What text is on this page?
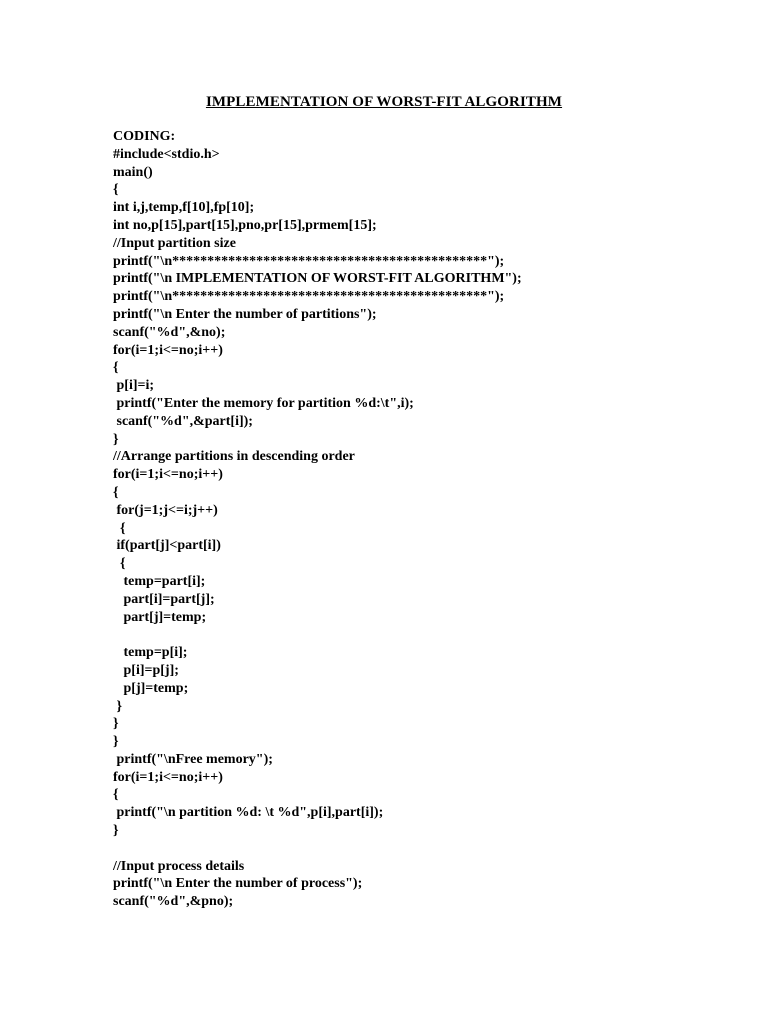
IMPLEMENTATION OF WORST-FIT ALGORITHM
CODING:
#include<stdio.h>
main()
{
int i,j,temp,f[10],fp[10];
int no,p[15],part[15],pno,pr[15],prmem[15];
//Input partition size
printf("\n*********************************************");
printf("\n IMPLEMENTATION OF WORST-FIT ALGORITHM");
printf("\n*********************************************");
printf("\n Enter the number of partitions");
scanf("%d",&no);
for(i=1;i<=no;i++)
{
p[i]=i;
printf("Enter the memory for partition %d:\t",i);
scanf("%d",&part[i]);
}
//Arrange partitions in descending order
for(i=1;i<=no;i++)
{
for(j=1;j<=i;j++)
{
if(part[j]<part[i])
{
temp=part[i];
part[i]=part[j];
part[j]=temp;

temp=p[i];
p[i]=p[j];
p[j]=temp;
}
}
}
printf("\nFree memory");
for(i=1;i<=no;i++)
{
printf("\n partition %d: \t %d",p[i],part[i]);
}

//Input process details
printf("\n Enter the number of process");
scanf("%d",&pno);
